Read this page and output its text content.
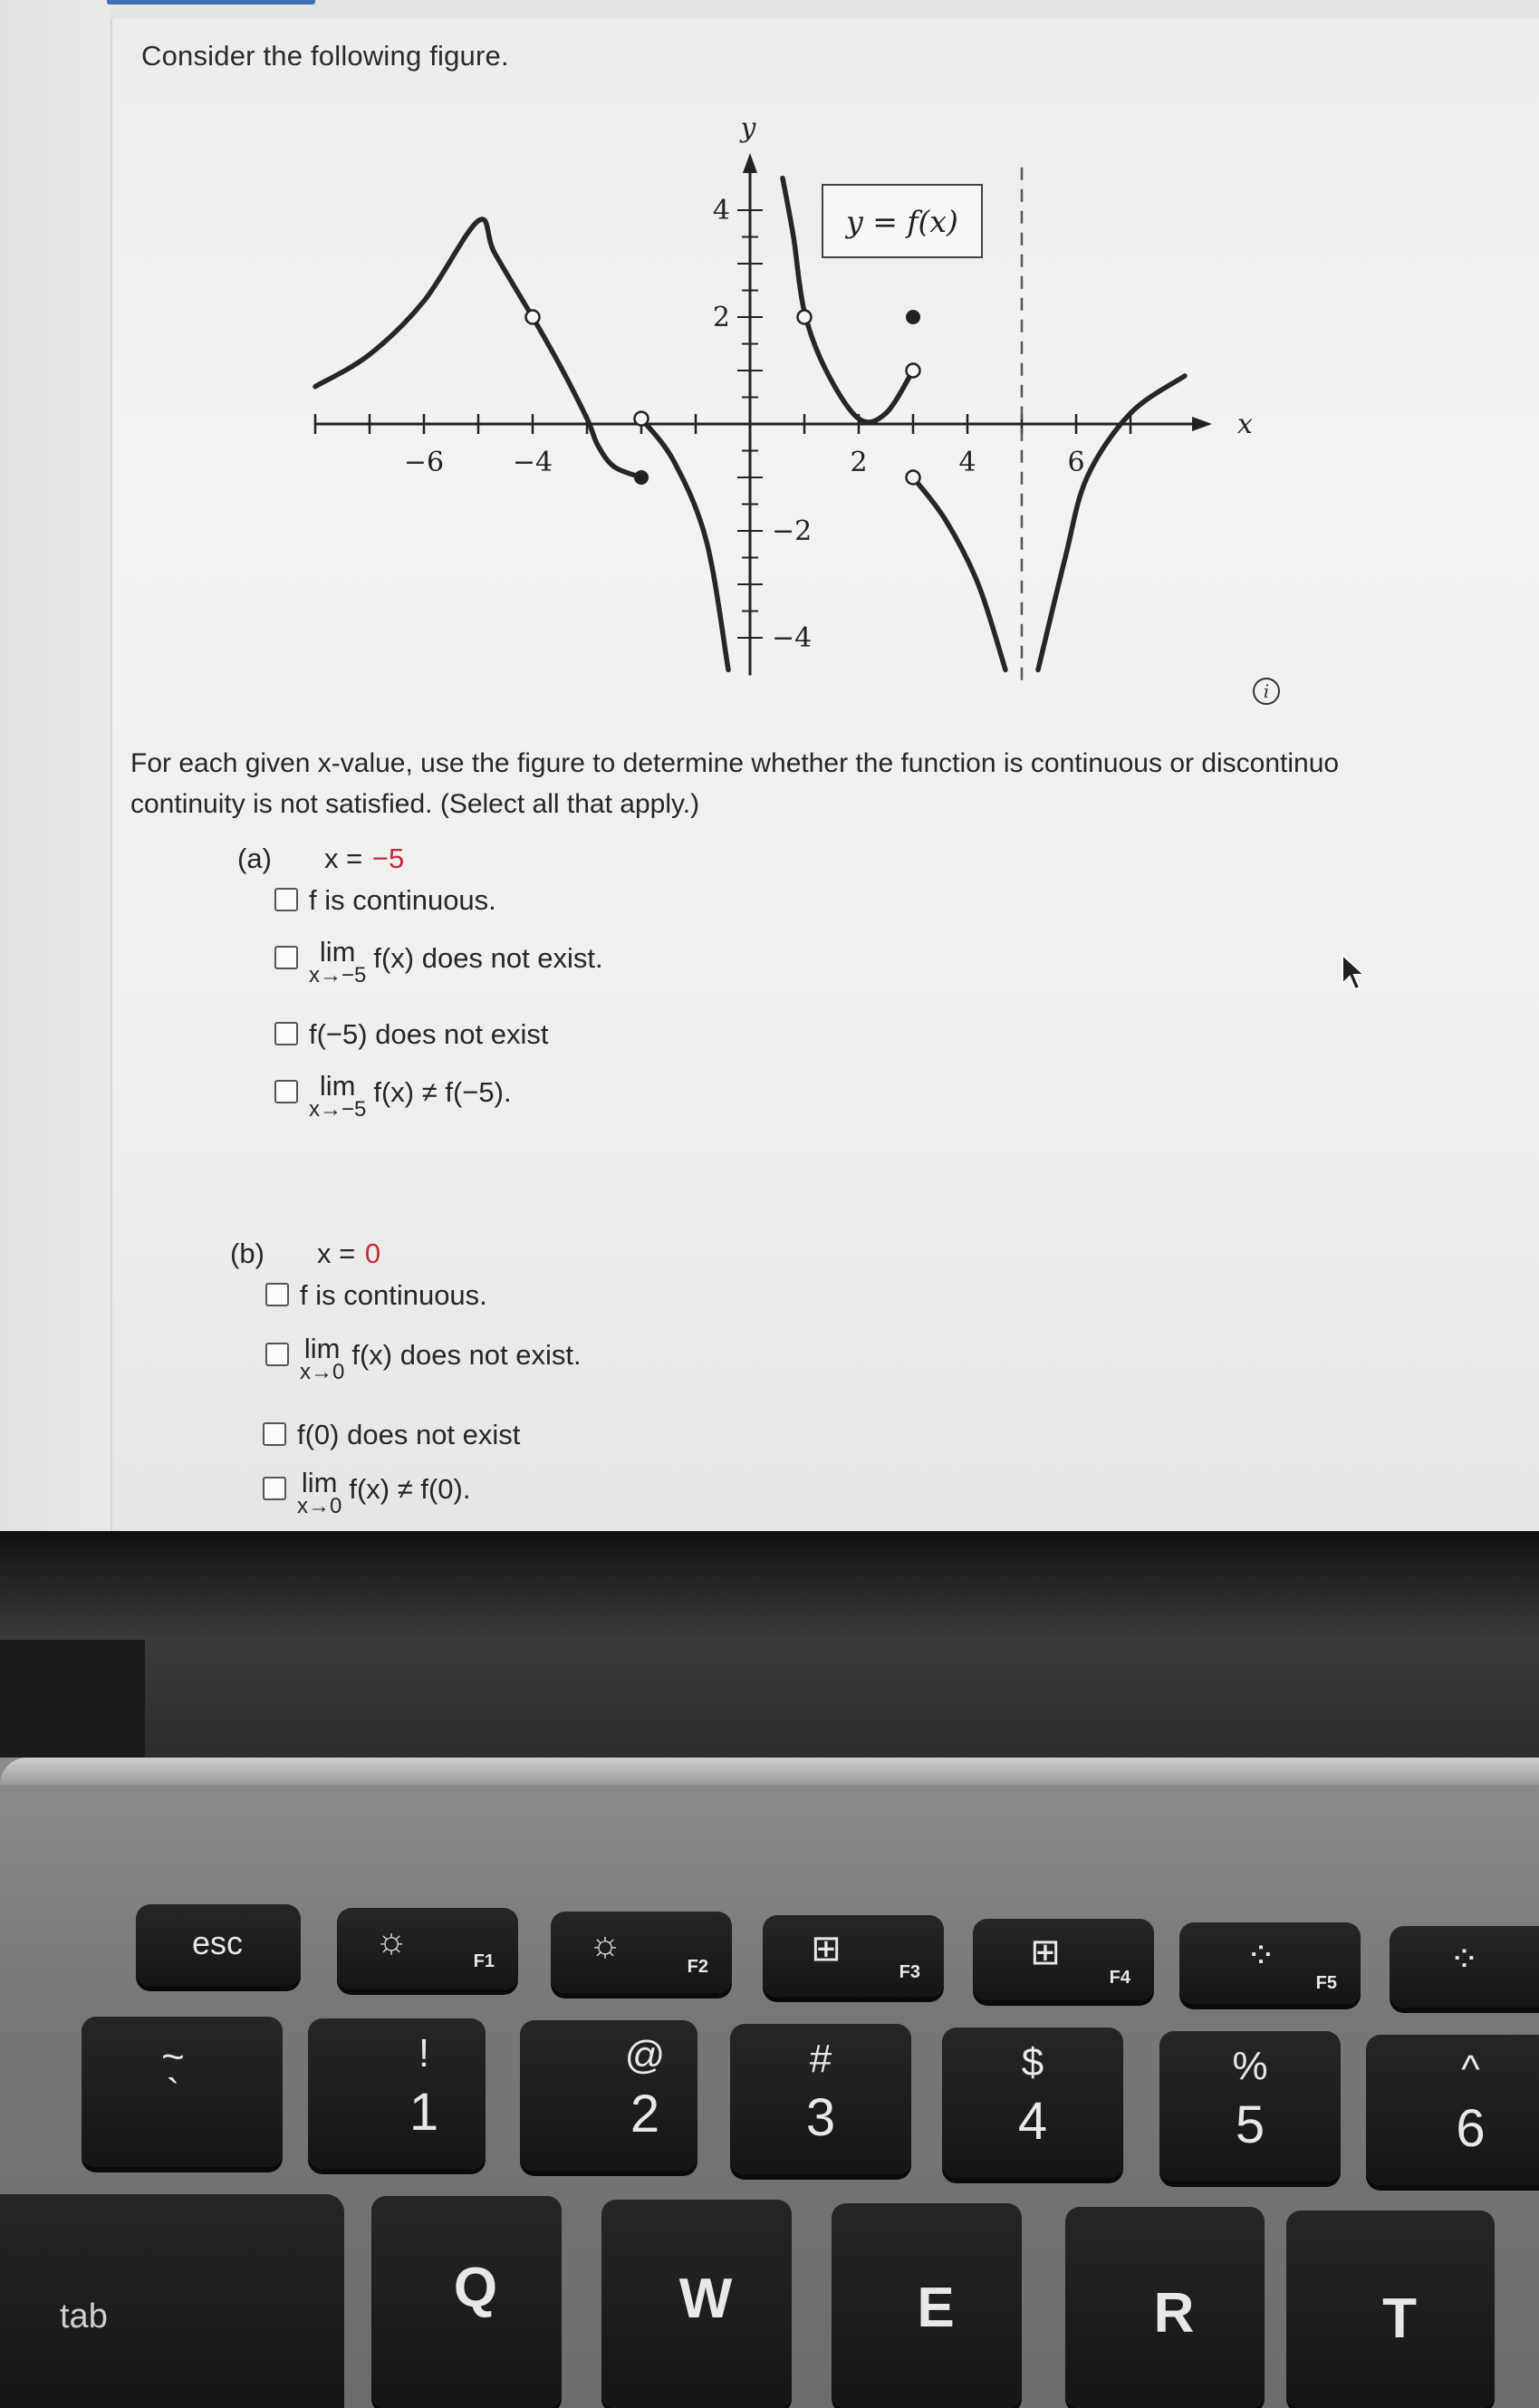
Consider the following figure.
−6	−4	2	4	6
4
2
−2
−4
x
y
y = f(x)
i
For each given x-value, use the figure to determine whether the function is continuous or discontinuo
continuity is not satisfied. (Select all that apply.)
(a) x = −5
f is continuous.
lim
x→−5
f(x) does not exist.
f(−5) does not exist
lim
x→−5
f(x) ≠ f(−5).
(b) x = 0
f is continuous.
lim
x→0
f(x) does not exist.
f(0) does not exist
lim
x→0
f(x) ≠ f(0).
esc	☼
F1	☼
F2	⊞
F3	⊞
F4
⁘
F5
⁘
~
`
!
1
@
2
#
3
$
4
%
5
^
6
tab	Q	W	E	R	T
